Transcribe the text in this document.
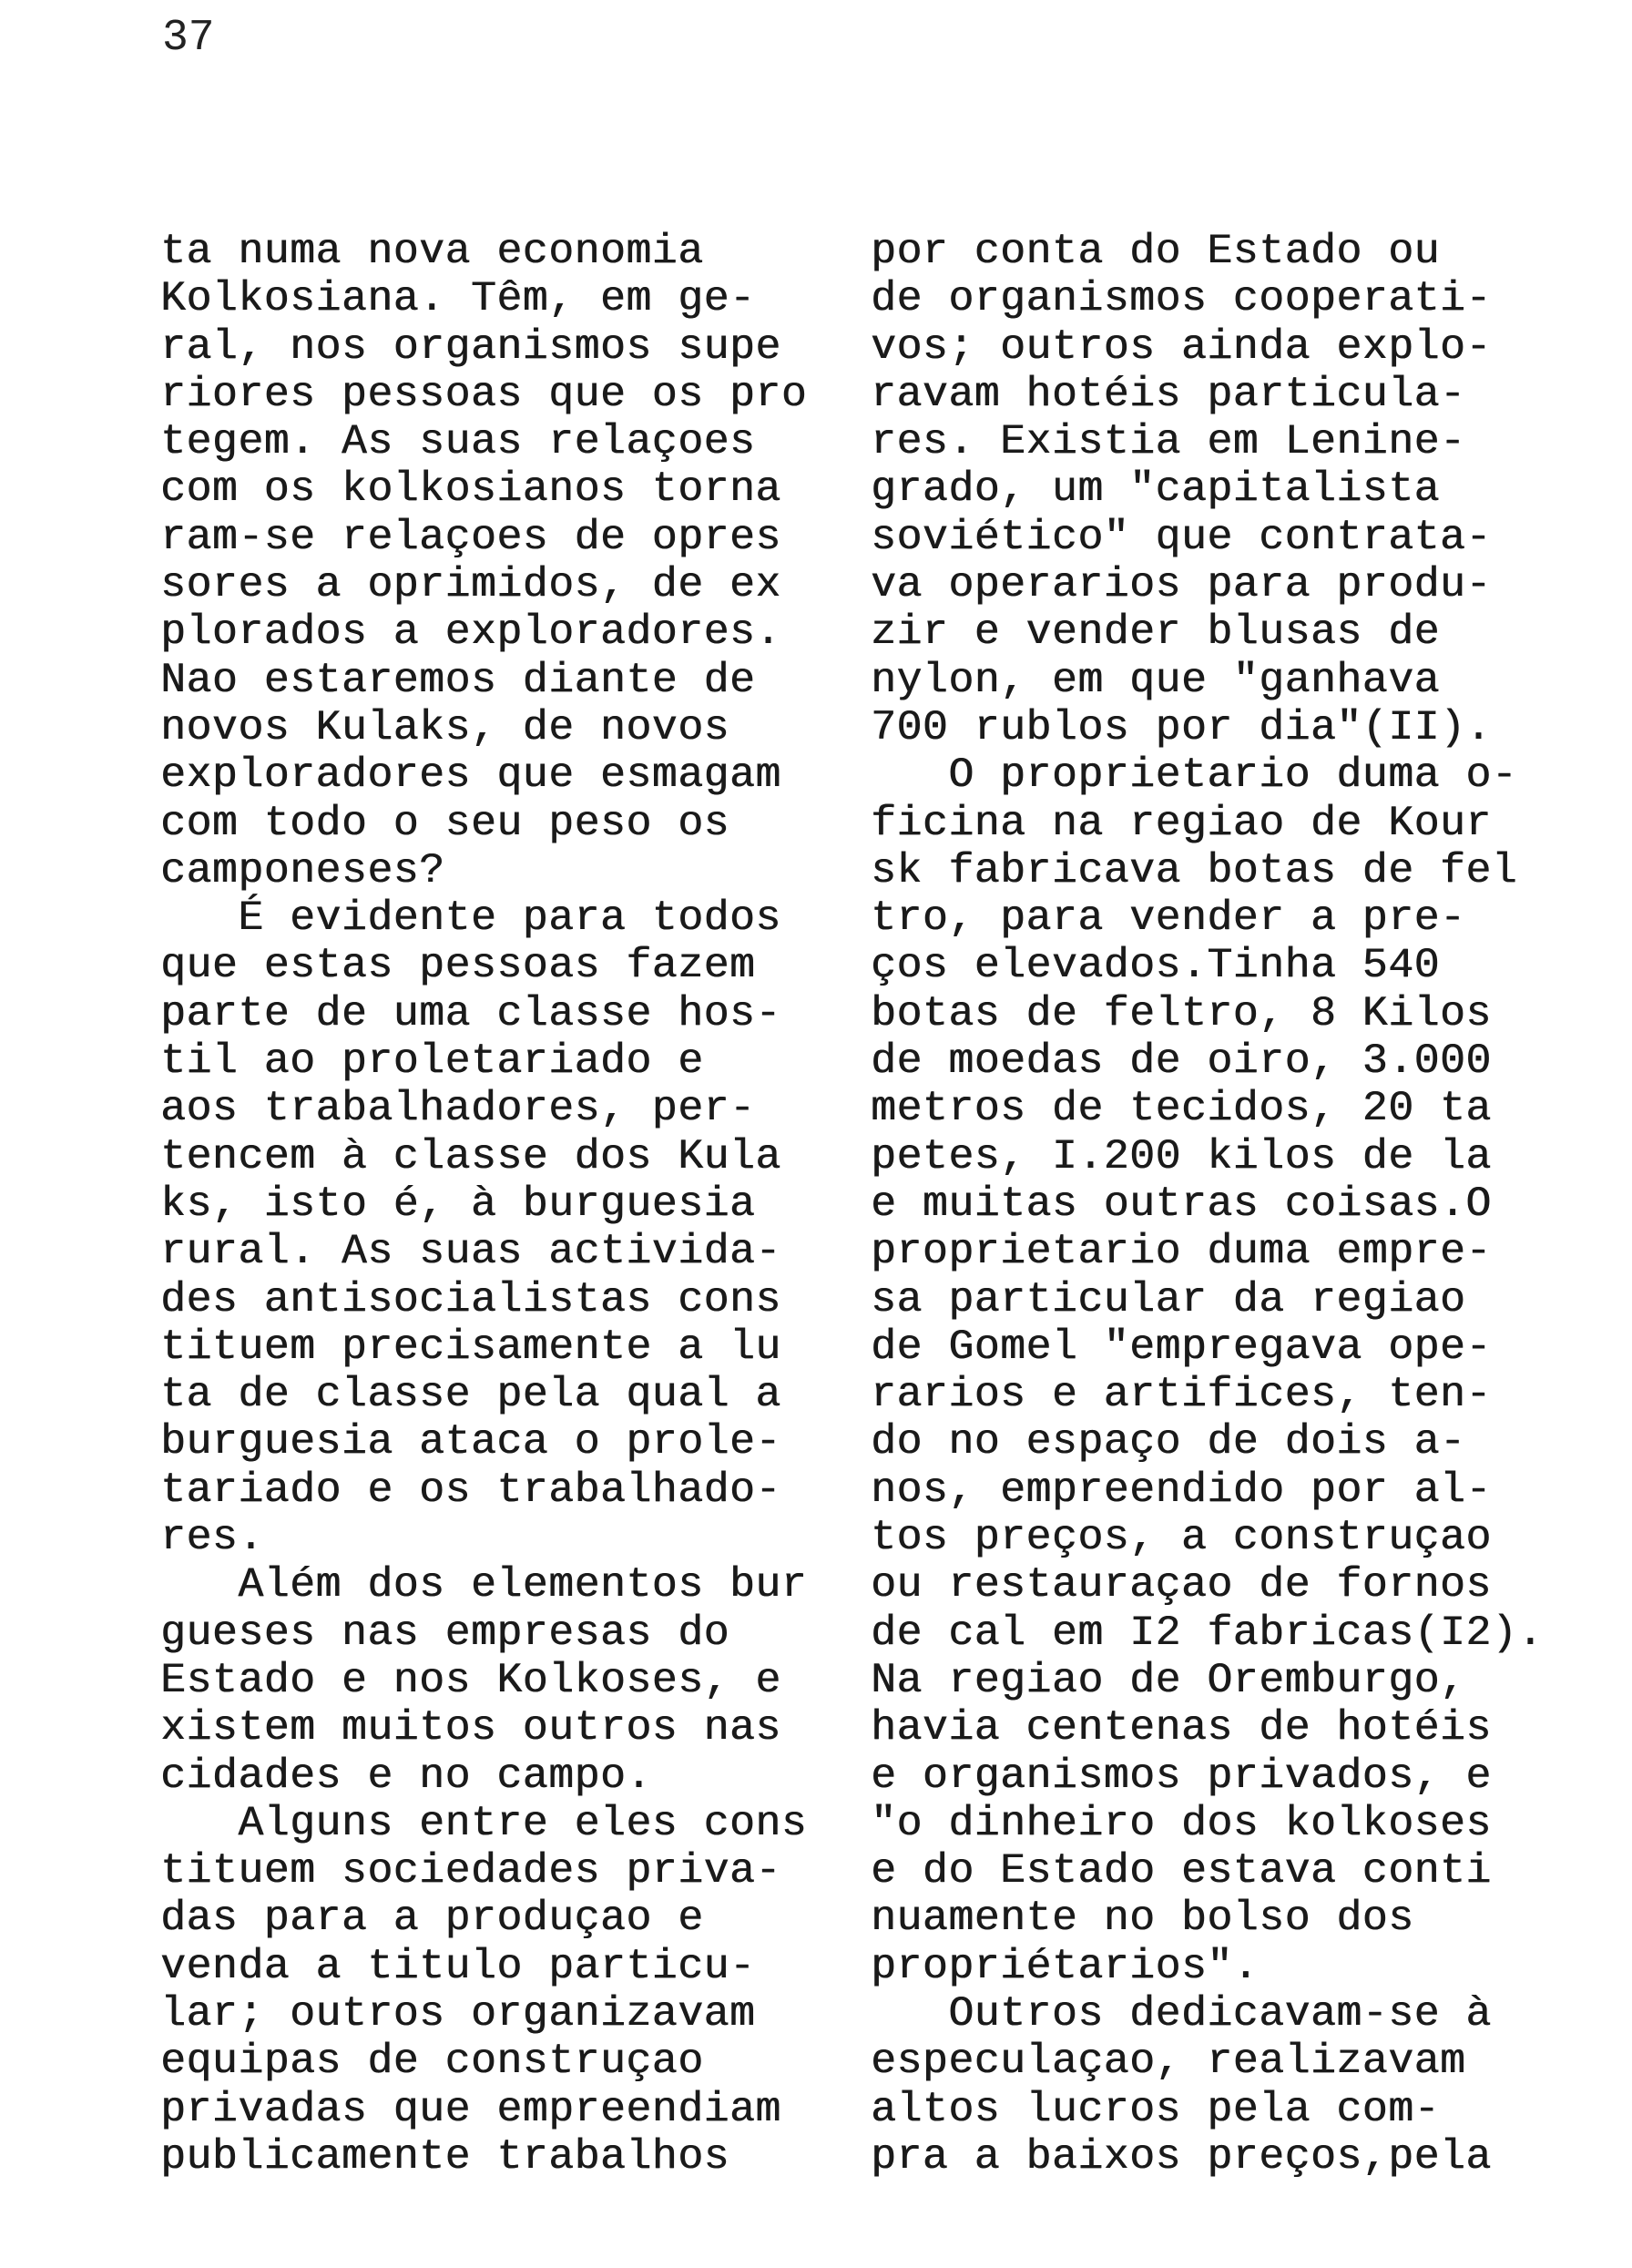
37
ta numa nova economia
Kolkosiana. Têm, em ge-
ral, nos organismos supe
riores pessoas que os pro
tegem. As suas relaçoes
com os kolkosianos torna
ram-se relaçoes de opres
sores a oprimidos, de ex
plorados a exploradores.
Nao estaremos diante de
novos Kulaks, de novos
exploradores que esmagam
com todo o seu peso os
camponeses?
É evidente para todos
que estas pessoas fazem
parte de uma classe hos-
til ao proletariado e
aos trabalhadores, per-
tencem à classe dos Kula
ks, isto é, à burguesia
rural. As suas activida-
des antisocialistas cons
tituem precisamente a lu
ta de classe pela qual a
burguesia ataca o prole-
tariado e os trabalhado-
res.
Além dos elementos bur
gueses nas empresas do
Estado e nos Kolkoses, e
xistem muitos outros nas
cidades e no campo.
Alguns entre eles cons
tituem sociedades priva-
das para a produçao e
venda a titulo particu-
lar; outros organizavam
equipas de construçao
privadas que empreendiam
publicamente trabalhos
por conta do Estado ou
de organismos cooperati-
vos; outros ainda explo-
ravam hotéis particula-
res. Existia em Lenine-
grado, um "capitalista
soviético" que contrata-
va operarios para produ-
zir e vender blusas de
nylon, em que "ganhava
700 rublos por dia"(II).
O proprietario duma o-
ficina na regiao de Kour
sk fabricava botas de fel
tro, para vender a pre-
ços elevados.Tinha 540
botas de feltro, 8 Kilos
de moedas de oiro, 3.000
metros de tecidos, 20 ta
petes, I.200 kilos de la
e muitas outras coisas.O
proprietario duma empre-
sa particular da regiao
de Gomel "empregava ope-
rarios e artifices, ten-
do no espaço de dois a-
nos, empreendido por al-
tos preços, a construçao
ou restauraçao de fornos
de cal em I2 fabricas(I2).
Na regiao de Oremburgo,
havia centenas de hotéis
e organismos privados, e
"o dinheiro dos kolkoses
e do Estado estava conti
nuamente no bolso dos
propriétarios".
Outros dedicavam-se à
especulaçao, realizavam
altos lucros pela com-
pra a baixos preços,pela
